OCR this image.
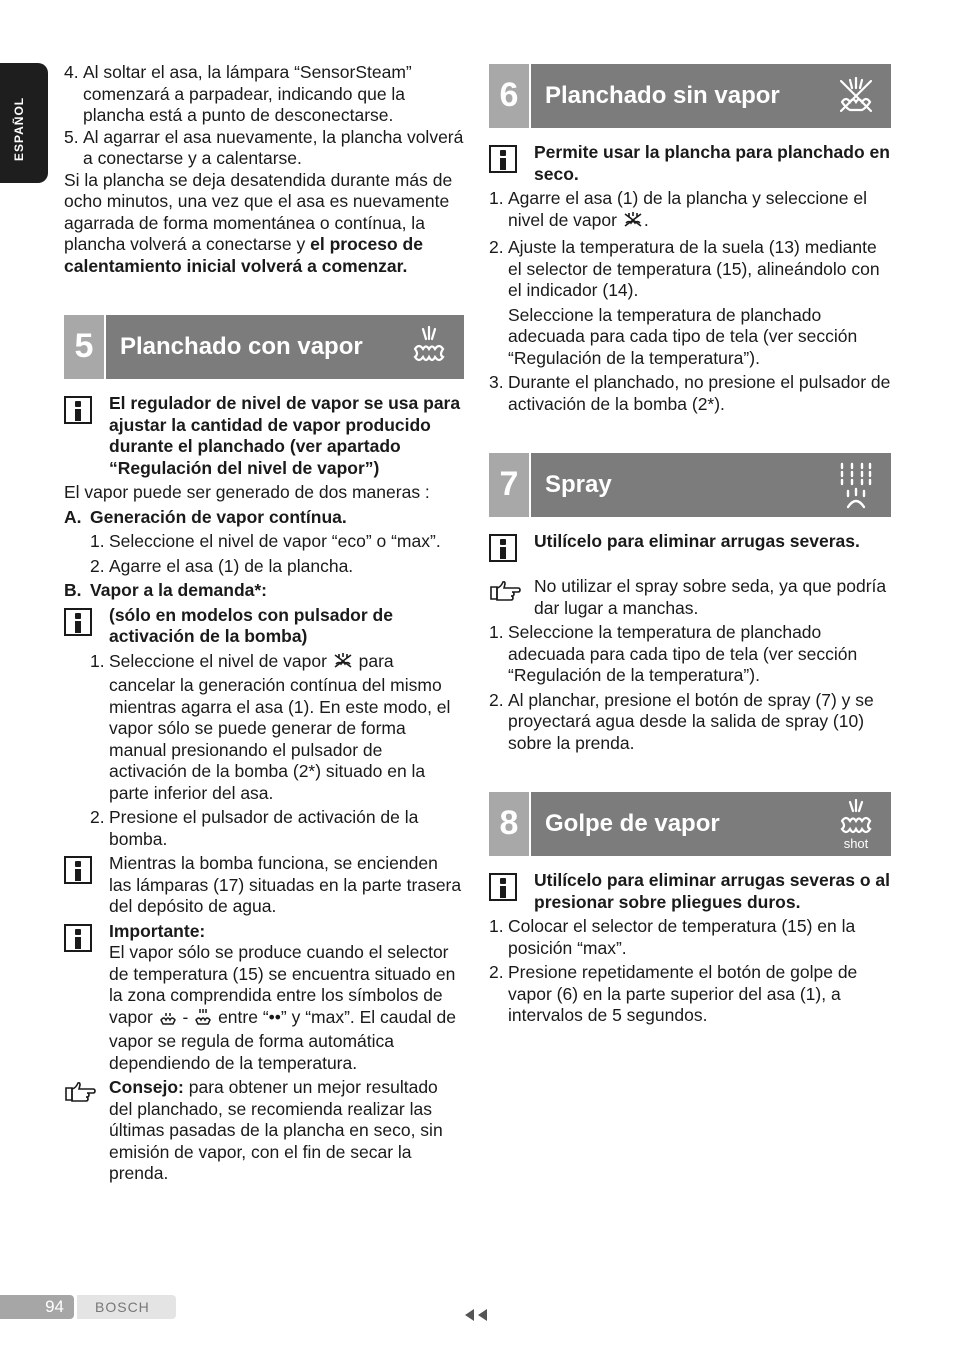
ESPAÑOL
4. Al soltar el asa, la lámpara “SensorSteam” comenzará a parpadear, indicando que la plancha está a punto de desconectarse.
5. Al agarrar el asa nuevamente, la plancha volverá a conectarse y a calentarse.

Si la plancha se deja desatendida durante más de ocho minutos, una vez que el asa es nuevamente agarrada de forma momentánea o contínua, la plancha volverá a conectarse y el proceso de calentamiento inicial volverá a comenzar.

5	Planchado con vapor
El regulador de nivel de vapor se usa para ajustar la cantidad de vapor producido durante el planchado (ver apartado “Regulación del nivel de vapor”)

El vapor puede ser generado de dos maneras :

A. Generación de vapor contínua.
1. Seleccione el nivel de vapor “eco” o “max”.
2. Agarre el asa (1) de la plancha.
B. Vapor a la demanda*:
(sólo en modelos con pulsador de activación de la bomba)
1. Seleccione el nivel de vapor  para cancelar la generación contínua del mismo mientras agarra el asa (1). En este modo, el vapor sólo se puede generar de forma manual presionando el pulsador de activación de la bomba (2*) situado en la parte inferior del asa.
2. Presione el pulsador de activación de la bomba.
Mientras la bomba funciona, se encienden las lámparas (17) situadas en la parte trasera del depósito de agua.
Importante:
El vapor sólo se produce cuando el selector de temperatura (15) se encuentra situado en la zona comprendida entre los símbolos de vapor  -  entre “••” y “max”. El caudal de vapor se regula de forma automática dependiendo de la temperatura.
Consejo: para obtener un mejor resultado del planchado, se recomienda realizar las últimas pasadas de la plancha en seco, sin emisión de vapor, con el fin de secar la prenda.
6	Planchado sin vapor
Permite usar la plancha para planchado en seco.
1. Agarre el asa (1) de la plancha y seleccione el nivel de vapor .
2. Ajuste la temperatura de la suela (13) mediante el selector de temperatura (15), alineándolo con el indicador (14).

Seleccione la temperatura de planchado adecuada para cada tipo de tela (ver sección “Regulación de la temperatura”).

3. Durante el planchado, no presione el pulsador de activación de la bomba (2*).
7	Spray
Utilícelo para eliminar arrugas severas.
No utilizar el spray sobre seda, ya que podría dar lugar a manchas.
1. Seleccione la temperatura de planchado adecuada para cada tipo de tela (ver sección “Regulación de la temperatura”).
2. Al planchar, presione el botón de spray (7) y se proyectará agua desde la salida de spray (10) sobre la prenda.
8	Golpe de vapor
shot
Utilícelo para eliminar arrugas severas o al presionar sobre pliegues duros.
1. Colocar el selector de temperatura (15) en la posición “max”.
2. Presione repetidamente el botón de golpe de vapor (6) en la parte superior del asa (1), a intervalos de 5 segundos.
94	BOSCH
